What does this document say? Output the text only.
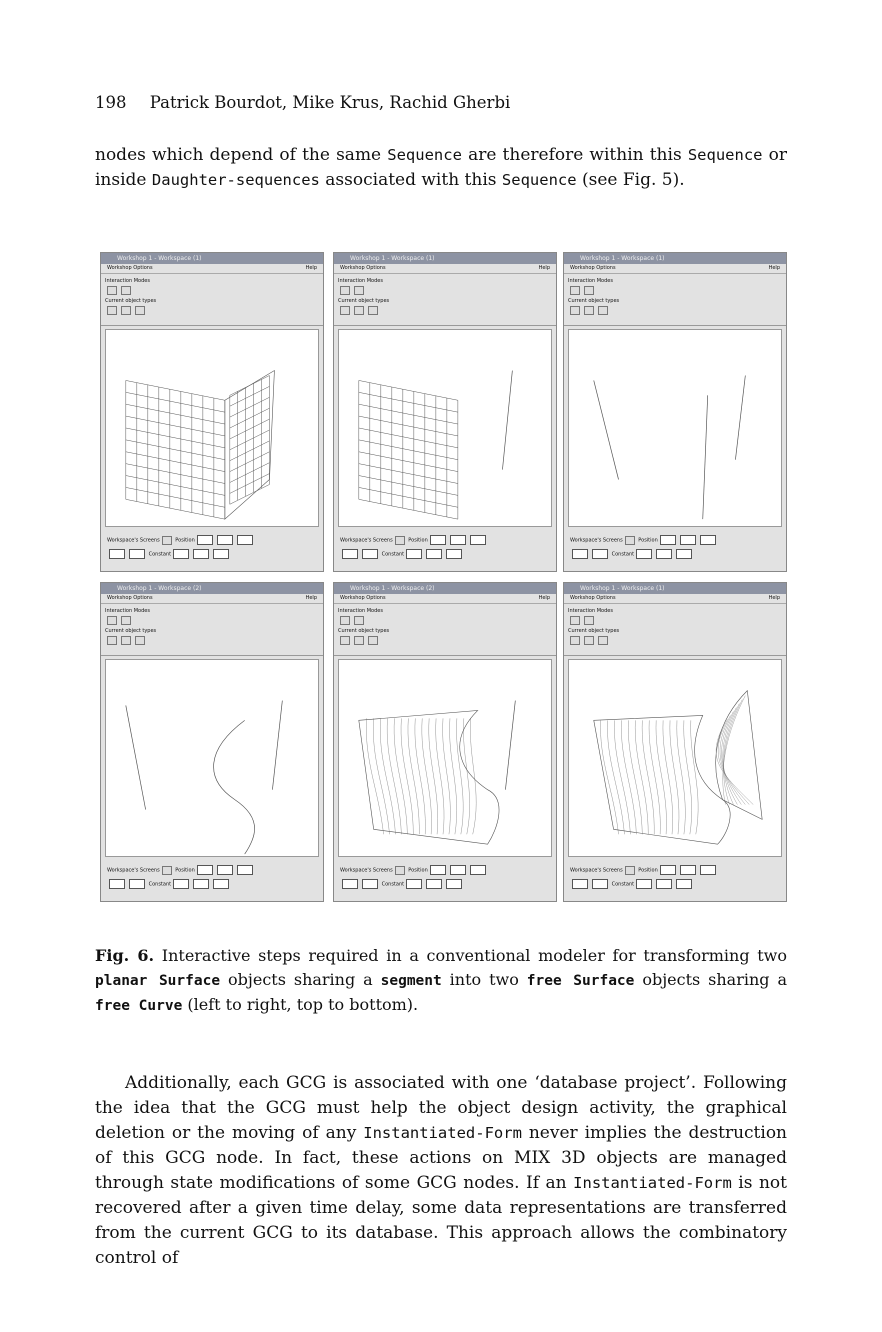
198 Patrick Bourdot, Mike Krus, Rachid Gherbi
nodes which depend of the same Sequence are therefore within this Sequence or inside Daughter-sequences associated with this Sequence (see Fig. 5).
Workshop 1 - Workspace (1)
Workshop Options	Help
Interaction Modes
Current object types
Workspace's Screens	Position
Constant
Workshop 1 - Workspace (1)
Workshop Options	Help
Interaction Modes
Current object types
Workspace's Screens	Position
Constant
Workshop 1 - Workspace (1)
Workshop Options	Help
Interaction Modes
Current object types
Workspace's Screens	Position
Constant
Workshop 1 - Workspace (2)
Workshop Options	Help
Interaction Modes
Current object types
Workspace's Screens	Position
Constant
Workshop 1 - Workspace (2)
Workshop Options	Help
Interaction Modes
Current object types
Workspace's Screens	Position
Constant
Workshop 1 - Workspace (1)
Workshop Options	Help
Interaction Modes
Current object types
Workspace's Screens	Position
Constant
Fig. 6. Interactive steps required in a conventional modeler for transforming two planar Surface objects sharing a segment into two free Surface objects sharing a free Curve (left to right, top to bottom).
Additionally, each GCG is associated with one ‘database project’. Following the idea that the GCG must help the object design activity, the graphical deletion or the moving of any Instantiated-Form never implies the destruction of this GCG node. In fact, these actions on MIX 3D objects are managed through state modifications of some GCG nodes. If an Instantiated-Form is not recovered after a given time delay, some data representations are transferred from the current GCG to its database. This approach allows the combinatory control of
